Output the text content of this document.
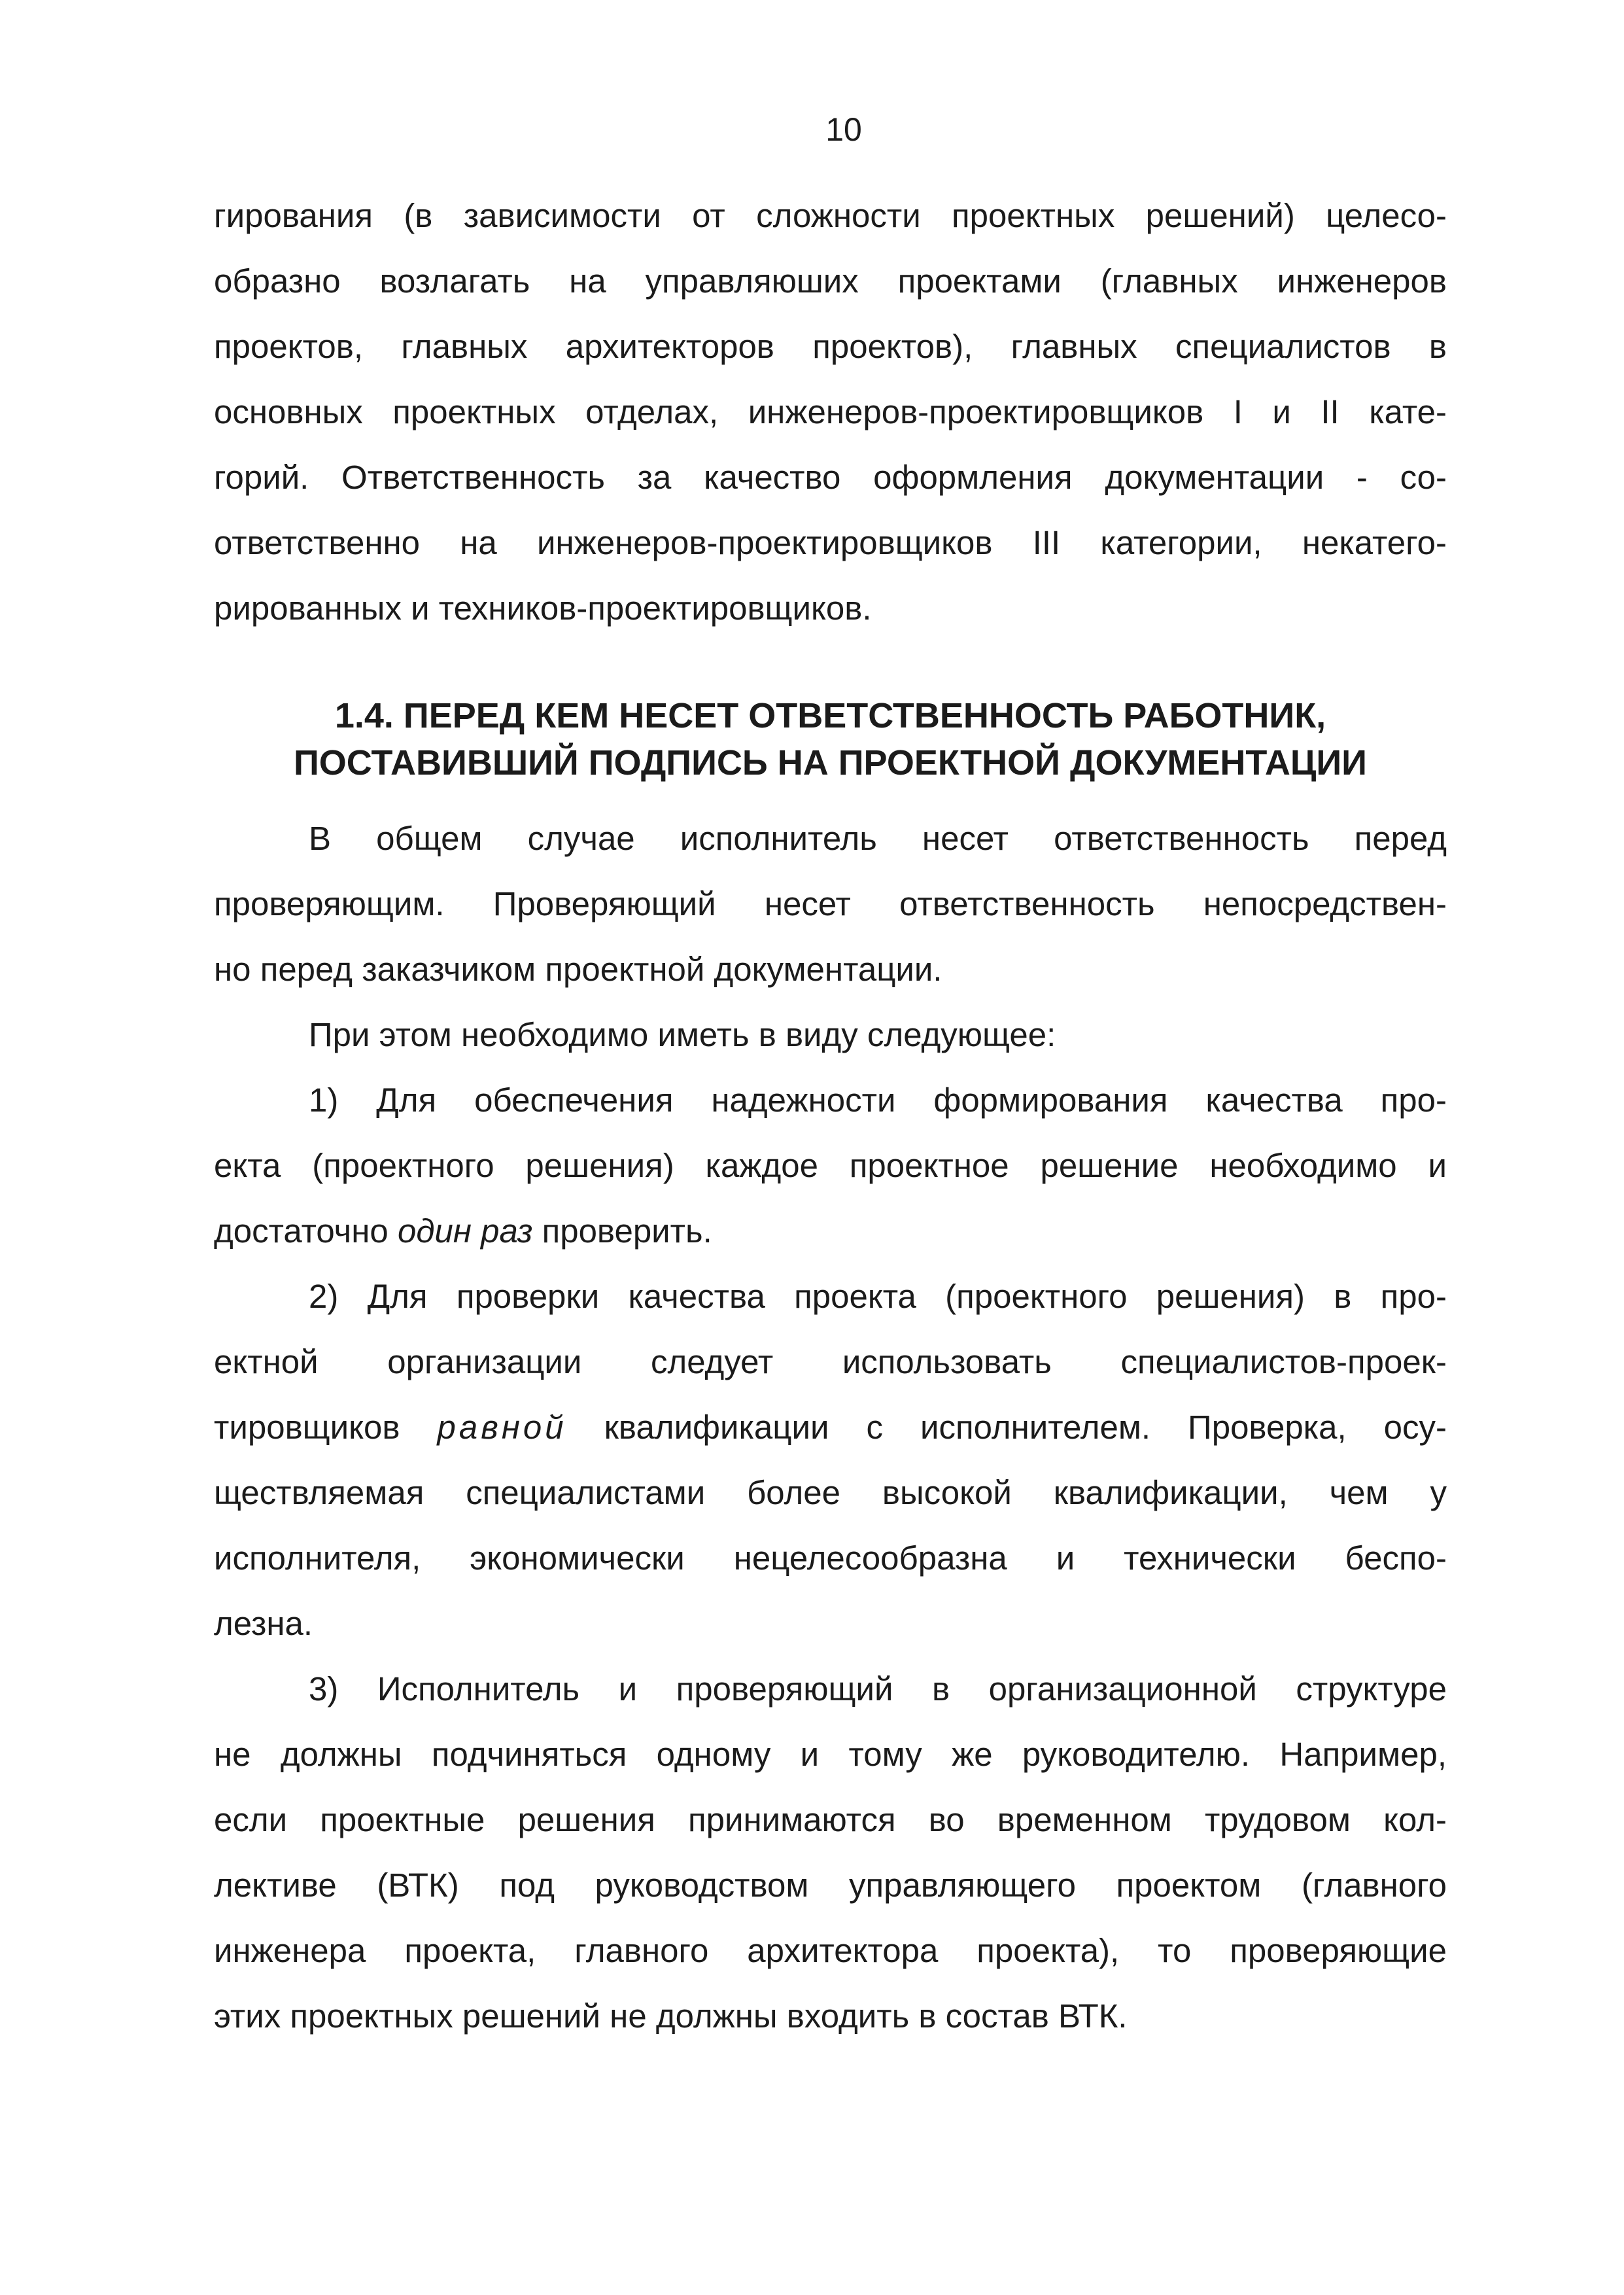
10
гирования (в зависимости от сложности проектных решений) целесо-
образно возлагать на управляюших проектами (главных инженеров
проектов, главных архитекторов проектов), главных специалистов в
основных проектных отделах, инженеров-проектировщиков I и II кате-
горий. Ответственность за качество оформления документации - со-
ответственно на инженеров-проектировщиков III категории, некатего-
рированных и техников-проектировщиков.
1.4. ПЕРЕД КЕМ НЕСЕТ ОТВЕТСТВЕННОСТЬ РАБОТНИК,
ПОСТАВИВШИЙ ПОДПИСЬ НА ПРОЕКТНОЙ ДОКУМЕНТАЦИИ

В общем случае исполнитель несет ответственность перед
проверяющим. Проверяющий несет ответственность непосредствен-
но перед заказчиком проектной документации.

При этом необходимо иметь в виду следующее:

1) Для обеспечения надежности формирования качества про-
екта (проектного решения) каждое проектное решение необходимо и
достаточно один раз проверить.

2) Для проверки качества проекта (проектного решения) в про-
ектной организации следует использовать специалистов-проек-
тировщиков равной квалификации с исполнителем. Проверка, осу-
ществляемая специалистами более высокой квалификации, чем у
исполнителя, экономически нецелесообразна и технически беспо-
лезна.

3) Исполнитель и проверяющий в организационной структуре
не должны подчиняться одному и тому же руководителю. Например,
если проектные решения принимаются во временном трудовом кол-
лективе (ВТК) под руководством управляющего проектом (главного
инженера проекта, главного архитектора проекта), то проверяющие
этих проектных решений не должны входить в состав ВТК.
